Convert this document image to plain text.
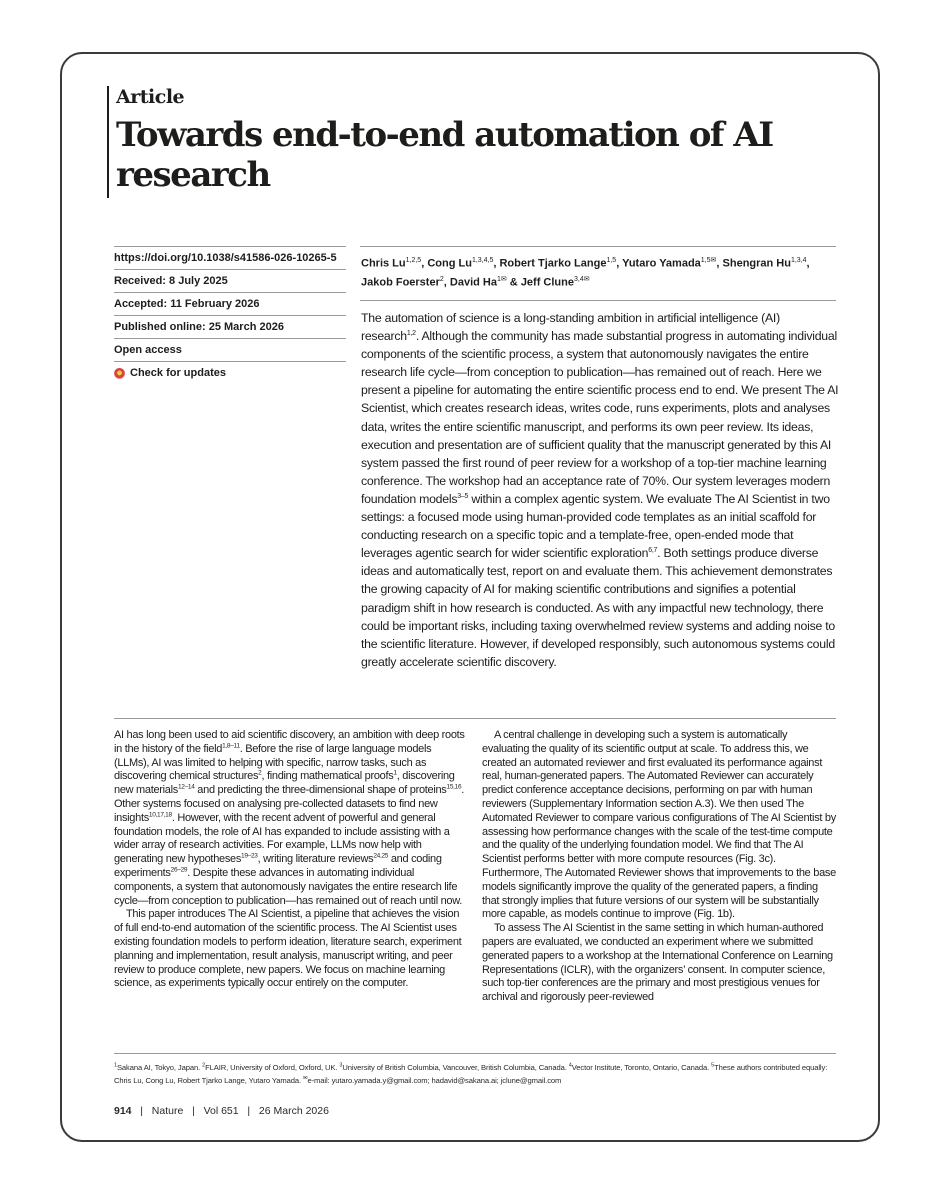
Article
Towards end-to-end automation of AI research
https://doi.org/10.1038/s41586-026-10265-5
Received: 8 July 2025
Accepted: 11 February 2026
Published online: 25 March 2026
Open access
Check for updates
Chris Lu$^{1,2,5}$, Cong Lu$^{1,3,4,5}$, Robert Tjarko Lange$^{1,5}$, Yutaro Yamada$^{1,5✉}$, Shengran Hu$^{1,3,4}$, Jakob Foerster$^2$, David $Ha^{1✉}$ & Jeff Clune$^{3,4✉}$

The automation of science is a long-standing ambition in artificial intelligence (AI) research$^{1,2}$. Although the community has made substantial progress in automating individual components of the scientific process, a system that autonomously navigates the entire research life cycle—from conception to publication—has remained out of reach. Here we present a pipeline for automating the entire scientific process end to end. We present The AI Scientist, which creates research ideas, writes code, runs experiments, plots and analyses data, writes the entire scientific manuscript, and performs its own peer review. Its ideas, execution and presentation are of sufficient quality that the manuscript generated by this AI system passed the first round of peer review for a workshop of a top-tier machine learning conference. The workshop had an acceptance rate of 70%. Our system leverages modern foundation models$^{3-5}$ within a complex agentic system. We evaluate The AI Scientist in two settings: a focused mode using human-provided code templates as an initial scaffold for conducting research on a specific topic and a template-free, open-ended mode that leverages agentic search for wider scientific exploration$^{6,7}$. Both settings produce diverse ideas and automatically test, report on and evaluate them. This achievement demonstrates the growing capacity of AI for making scientific contributions and signifies a potential paradigm shift in how research is conducted. As with any impactful new technology, there could be important risks, including taxing overwhelmed review systems and adding noise to the scientific literature. However, if developed responsibly, such autonomous systems could greatly accelerate scientific discovery.

AI has long been used to aid scientific discovery, an ambition with deep roots in the history of the field$^{1,8-11}$. Before the rise of large language models (LLMs), AI was limited to helping with specific, narrow tasks, such as discovering chemical structures$^2$, finding mathematical proofs$^1$, discovering new materials$^{12-14}$ and predicting the three-dimensional shape of proteins$^{15,16}$. Other systems focused on analysing pre-collected datasets to find new insights$^{10,17,18}$. However, with the recent advent of powerful and general foundation models, the role of AI has expanded to include assisting with a wider array of research activities. For example, LLMs now help with generating new hypotheses$^{19-23}$, writing literature reviews$^{24,25}$ and coding experiments$^{26-29}$. Despite these advances in automating individual components, a system that autonomously navigates the entire research life cycle—from conception to publication—has remained out of reach until now.

This paper introduces The AI Scientist, a pipeline that achieves the vision of full end-to-end automation of the scientific process. The AI Scientist uses existing foundation models to perform ideation, literature search, experiment planning and implementation, result analysis, manuscript writing, and peer review to produce complete, new papers. We focus on machine learning science, as experiments typically occur entirely on the computer.

A central challenge in developing such a system is automatically evaluating the quality of its scientific output at scale. To address this, we created an automated reviewer and first evaluated its performance against real, human-generated papers. The Automated Reviewer can accurately predict conference acceptance decisions, performing on par with human reviewers (Supplementary Information section A.3). We then used The Automated Reviewer to compare various configurations of The AI Scientist by assessing how performance changes with the scale of the test-time compute and the quality of the underlying foundation model. We find that The AI Scientist performs better with more compute resources (Fig. 3c). Furthermore, The Automated Reviewer shows that improvements to the base models significantly improve the quality of the generated papers, a finding that strongly implies that future versions of our system will be substantially more capable, as models continue to improve (Fig. 1b).

To assess The AI Scientist in the same setting in which human-authored papers are evaluated, we conducted an experiment where we submitted generated papers to a workshop at the International Conference on Learning Representations (ICLR), with the organizers’ consent. In computer science, such top-tier conferences are the primary and most prestigious venues for archival and rigorously peer-reviewed

$^1$Sakana AI, Tokyo, Japan. $^2$FLAIR, University of Oxford, Oxford, UK. $^3$University of British Columbia, Vancouver, British Columbia, Canada. $^4$Vector Institute, Toronto, Ontario, Canada. $^5$These authors contributed equally: Chris Lu, Cong Lu, Robert Tjarko Lange, Yutaro Yamada. ✉e-mail: yutaro.yamada.y@gmail.com; hadavid@sakana.ai; jclune@gmail.com

914 | Nature | Vol 651 | 26 March 2026
